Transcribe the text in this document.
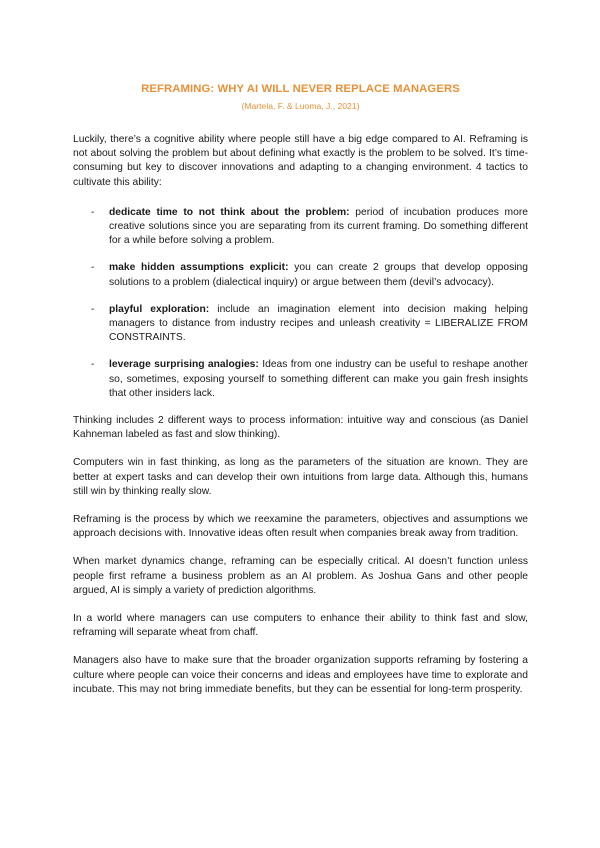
REFRAMING: WHY AI WILL NEVER REPLACE MANAGERS
(Martela, F. & Luoma, J., 2021)

Luckily, there’s a cognitive ability where people still have a big edge compared to AI. Reframing is not about solving the problem but about defining what exactly is the problem to be solved. It’s time-consuming but key to discover innovations and adapting to a changing environment. 4 tactics to cultivate this ability:

- dedicate time to not think about the problem: period of incubation produces more creative solutions since you are separating from its current framing. Do something different for a while before solving a problem.
- make hidden assumptions explicit: you can create 2 groups that develop opposing solutions to a problem (dialectical inquiry) or argue between them (devil’s advocacy).
- playful exploration: include an imagination element into decision making helping managers to distance from industry recipes and unleash creativity = LIBERALIZE FROM CONSTRAINTS.
- leverage surprising analogies: Ideas from one industry can be useful to reshape another so, sometimes, exposing yourself to something different can make you gain fresh insights that other insiders lack.

Thinking includes 2 different ways to process information: intuitive way and conscious (as Daniel Kahneman labeled as fast and slow thinking).

Computers win in fast thinking, as long as the parameters of the situation are known. They are better at expert tasks and can develop their own intuitions from large data. Although this, humans still win by thinking really slow.

Reframing is the process by which we reexamine the parameters, objectives and assumptions we approach decisions with. Innovative ideas often result when companies break away from tradition.

When market dynamics change, reframing can be especially critical. AI doesn’t function unless people first reframe a business problem as an AI problem. As Joshua Gans and other people argued, AI is simply a variety of prediction algorithms.

In a world where managers can use computers to enhance their ability to think fast and slow, reframing will separate wheat from chaff.

Managers also have to make sure that the broader organization supports reframing by fostering a culture where people can voice their concerns and ideas and employees have time to explorate and incubate. This may not bring immediate benefits, but they can be essential for long-term prosperity.
